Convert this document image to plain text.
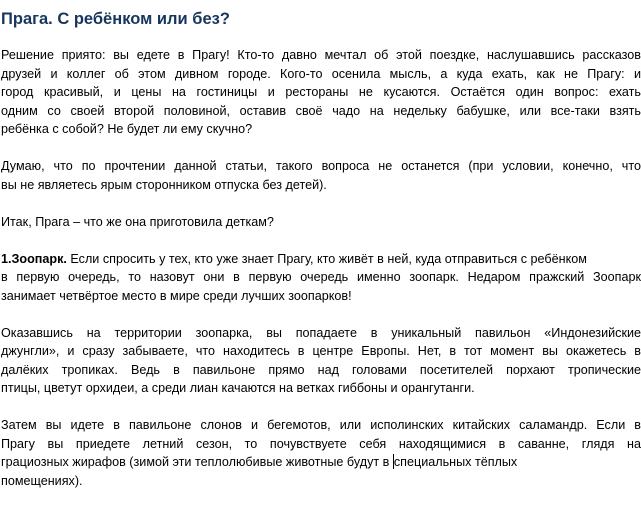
Прага. С ребёнком или без?
Решение приято: вы едете в Прагу! Кто-то давно мечтал об этой поездке, наслушавшись рассказов
друзей и коллег об этом дивном городе. Кого-то осенила мысль, а куда ехать, как не Прагу: и
город красивый, и цены на гостиницы и рестораны не кусаются. Остаётся один вопрос: ехать
одним со своей второй половиной, оставив своё чадо на недельку бабушке, или все-таки взять
ребёнка с собой? Не будет ли ему скучно?
Думаю, что по прочтении данной статьи, такого вопроса не останется (при условии, конечно, что
вы не являетесь ярым сторонником отпуска без детей).
Итак, Прага – что же она приготовила деткам?
1.Зоопарк. Если спросить у тех, кто уже знает Прагу, кто живёт в ней, куда отправиться с ребёнком
в первую очередь, то назовут они в первую очередь именно зоопарк. Недаром пражский Зоопарк
занимает четвёртое место в мире среди лучших зоопарков!
Оказавшись на территории зоопарка, вы попадаете в уникальный павильон «Индонезийские
джунгли», и сразу забываете, что находитесь в центре Европы. Нет, в тот момент вы окажетесь в
далёких тропиках. Ведь в павильоне прямо над головами посетителей порхают тропические
птицы, цветут орхидеи, а среди лиан качаются на ветках гиббоны и орангутанги.
Затем вы идете в павильоне слонов и бегемотов, или исполинских китайских саламандр. Если в
Прагу вы приедете летний сезон, то почувствуете себя находящимися в саванне, глядя на
грациозных жирафов (зимой эти теплолюбивые животные будут в специальных тёплых
помещениях).
